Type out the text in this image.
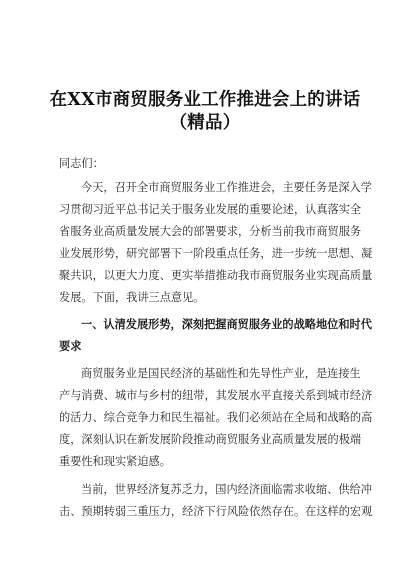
在XX市商贸服务业工作推进会上的讲话
（精品）
同志们：
今天，召开全市商贸服务业工作推进会，主要任务是深入学
习贯彻习近平总书记关于服务业发展的重要论述，认真落实全
省服务业高质量发展大会的部署要求，分析当前我市商贸服务
业发展形势，研究部署下一阶段重点任务，进一步统一思想、凝
聚共识，以更大力度、更实举措推动我市商贸服务业实现高质量
发展。下面，我讲三点意见。
一、认清发展形势，深刻把握商贸服务业的战略地位和时代
要求
商贸服务业是国民经济的基础性和先导性产业，是连接生
产与消费、城市与乡村的纽带，其发展水平直接关系到城市经济
的活力、综合竞争力和民生福祉。我们必须站在全局和战略的高
度，深刻认识在新发展阶段推动商贸服务业高质量发展的极端
重要性和现实紧迫感。
当前，世界经济复苏乏力，国内经济面临需求收缩、供给冲
击、预期转弱三重压力，经济下行风险依然存在。在这样的宏观
